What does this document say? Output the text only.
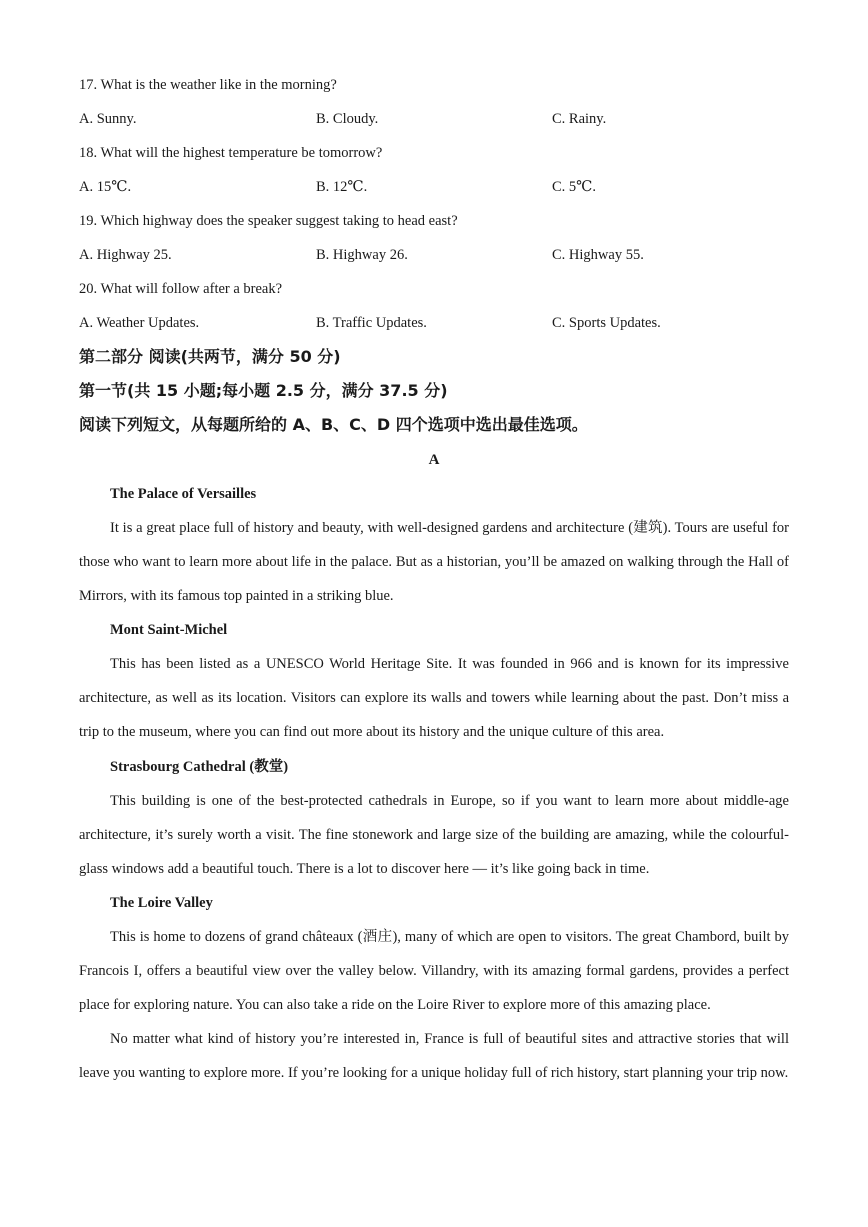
17. What is the weather like in the morning?
A. Sunny.	B. Cloudy.	C. Rainy.
18. What will the highest temperature be tomorrow?
A. 15℃.	B. 12℃.	C. 5℃.
19. Which highway does the speaker suggest taking to head east?
A. Highway 25.	B. Highway 26.	C. Highway 55.
20. What will follow after a break?
A. Weather Updates.	B. Traffic Updates.	C. Sports Updates.
第二部分 阅读(共两节，满分 50 分)
第一节(共 15 小题;每小题 2.5 分，满分 37.5 分)
阅读下列短文，从每题所给的 A、B、C、D 四个选项中选出最佳选项。
A
The Palace of Versailles
It is a great place full of history and beauty, with well-designed gardens and architecture (建筑). Tours are useful for those who want to learn more about life in the palace. But as a historian, you’ll be amazed on walking through the Hall of Mirrors, with its famous top painted in a striking blue.
Mont Saint-Michel
This has been listed as a UNESCO World Heritage Site. It was founded in 966 and is known for its impressive architecture, as well as its location. Visitors can explore its walls and towers while learning about the past. Don’t miss a trip to the museum, where you can find out more about its history and the unique culture of this area.
Strasbourg Cathedral (教堂)
This building is one of the best-protected cathedrals in Europe, so if you want to learn more about middle-age architecture, it’s surely worth a visit. The fine stonework and large size of the building are amazing, while the colourful-glass windows add a beautiful touch. There is a lot to discover here — it’s like going back in time.
The Loire Valley
This is home to dozens of grand châteaux (酒庄), many of which are open to visitors. The great Chambord, built by Francois I, offers a beautiful view over the valley below. Villandry, with its amazing formal gardens, provides a perfect place for exploring nature. You can also take a ride on the Loire River to explore more of this amazing place.
No matter what kind of history you’re interested in, France is full of beautiful sites and attractive stories that will leave you wanting to explore more. If you’re looking for a unique holiday full of rich history, start planning your trip now.
